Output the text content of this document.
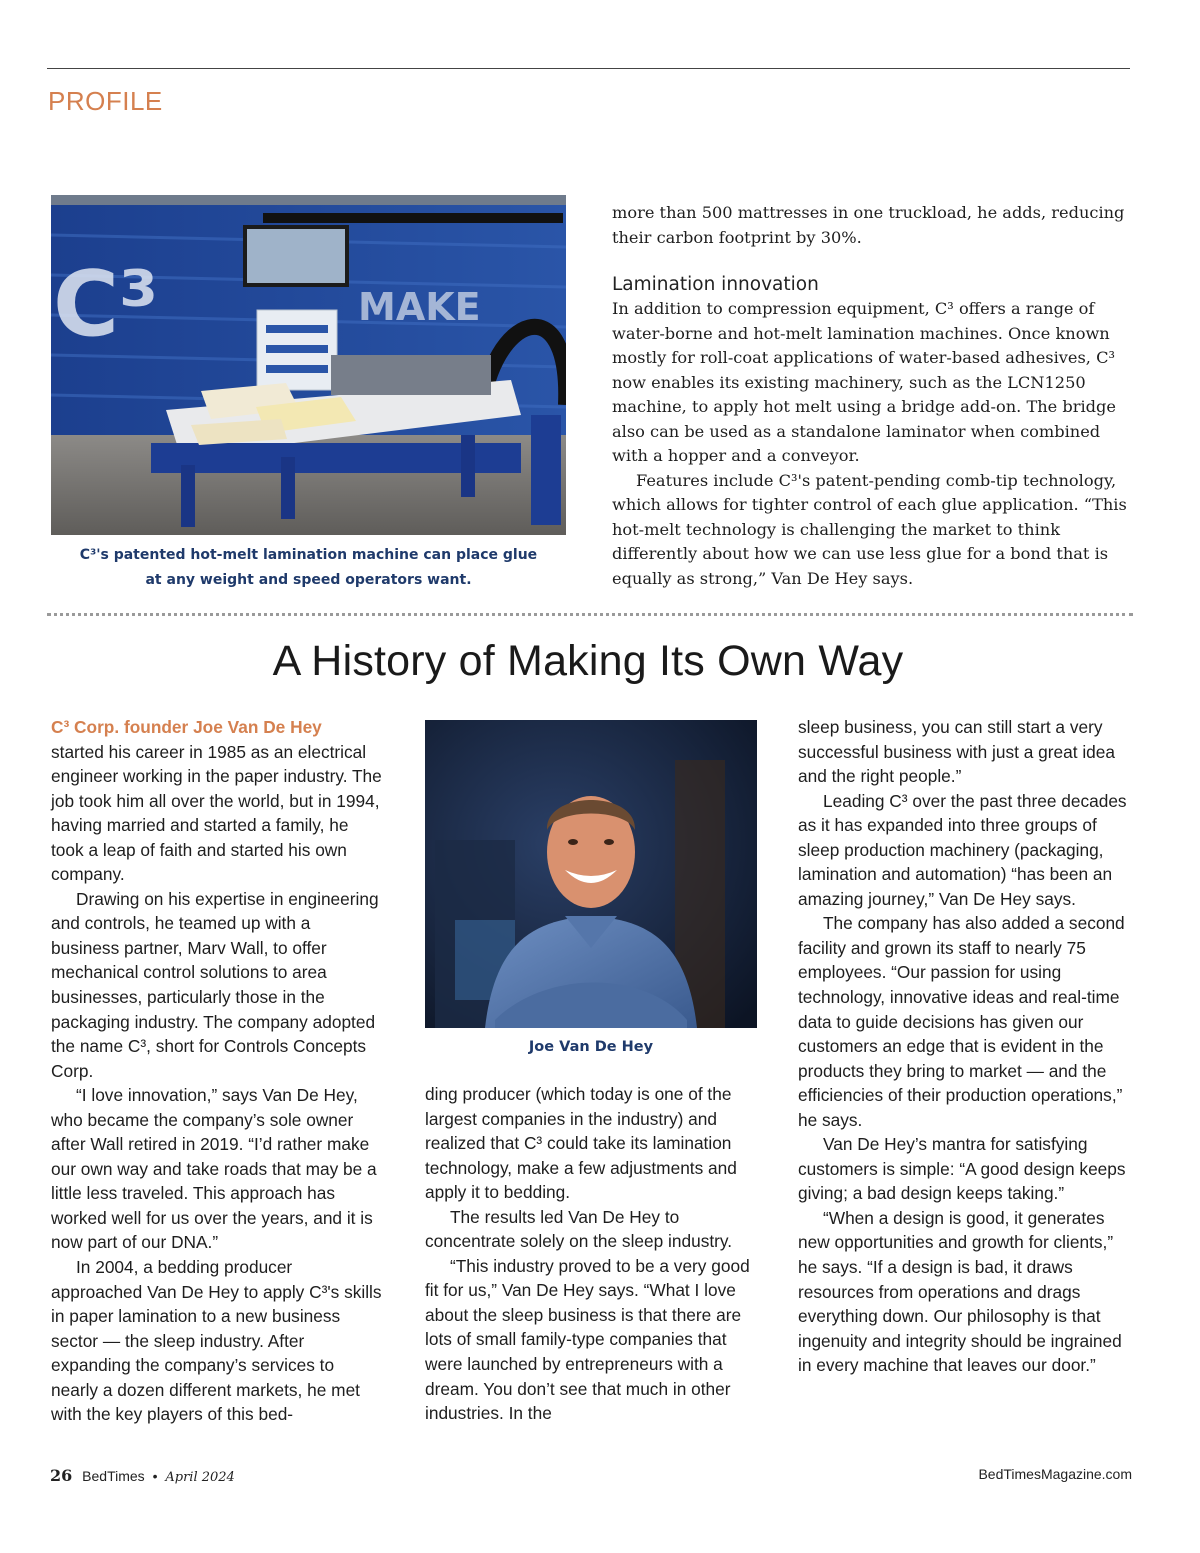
PROFILE
C³	MAKE
C³'s patented hot-melt lamination machine can place glue
at any weight and speed operators want.

more than 500 mattresses in one truckload, he adds, reducing their carbon footprint by 30%.

Lamination innovation

In addition to compression equipment, C³ offers a range of water-borne and hot-melt lamination machines. Once known mostly for roll-coat applications of water-based adhesives, C³ now enables its existing machinery, such as the LCN1250 machine, to apply hot melt using a bridge add-on. The bridge also can be used as a standalone laminator when combined with a hopper and a conveyor.

Features include C³'s patent-pending comb-tip technology, which allows for tighter control of each glue application. “This hot-melt technology is challenging the market to think differently about how we can use less glue for a bond that is equally as strong,” Van De Hey says.

A History of Making Its Own Way

C³ Corp. founder Joe Van De Hey

started his career in 1985 as an electrical engineer working in the paper industry. The job took him all over the world, but in 1994, having married and started a family, he took a leap of faith and started his own company.

Drawing on his expertise in engineering and controls, he teamed up with a business partner, Marv Wall, to offer mechanical control solutions to area businesses, particularly those in the packaging industry. The company adopted the name C³, short for Controls Concepts Corp.

“I love innovation,” says Van De Hey, who became the company’s sole owner after Wall retired in 2019. “I’d rather make our own way and take roads that may be a little less traveled. This approach has worked well for us over the years, and it is now part of our DNA.”

In 2004, a bedding producer approached Van De Hey to apply C³'s skills in paper lamination to a new business sector — the sleep industry. After expanding the company’s services to nearly a dozen different markets, he met with the key players of this bed-

Joe Van De Hey

ding producer (which today is one of the largest companies in the industry) and realized that C³ could take its lamination technology, make a few adjustments and apply it to bedding.

The results led Van De Hey to concentrate solely on the sleep industry.

“This industry proved to be a very good fit for us,” Van De Hey says. “What I love about the sleep business is that there are lots of small family-type companies that were launched by entrepreneurs with a dream. You don’t see that much in other industries. In the

sleep business, you can still start a very successful business with just a great idea and the right people.”

Leading C³ over the past three decades as it has expanded into three groups of sleep production machinery (packaging, lamination and automation) “has been an amazing journey,” Van De Hey says.

The company has also added a second facility and grown its staff to nearly 75 employees. “Our passion for using technology, innovative ideas and real-time data to guide decisions has given our customers an edge that is evident in the products they bring to market — and the efficiencies of their production operations,” he says.

Van De Hey’s mantra for satisfying customers is simple: “A good design keeps giving; a bad design keeps taking.”

“When a design is good, it generates new opportunities and growth for clients,” he says. “If a design is bad, it draws resources from operations and drags everything down. Our philosophy is that ingenuity and integrity should be ingrained in every machine that leaves our door.”

26 BedTimes • April 2024	BedTimesMagazine.com
